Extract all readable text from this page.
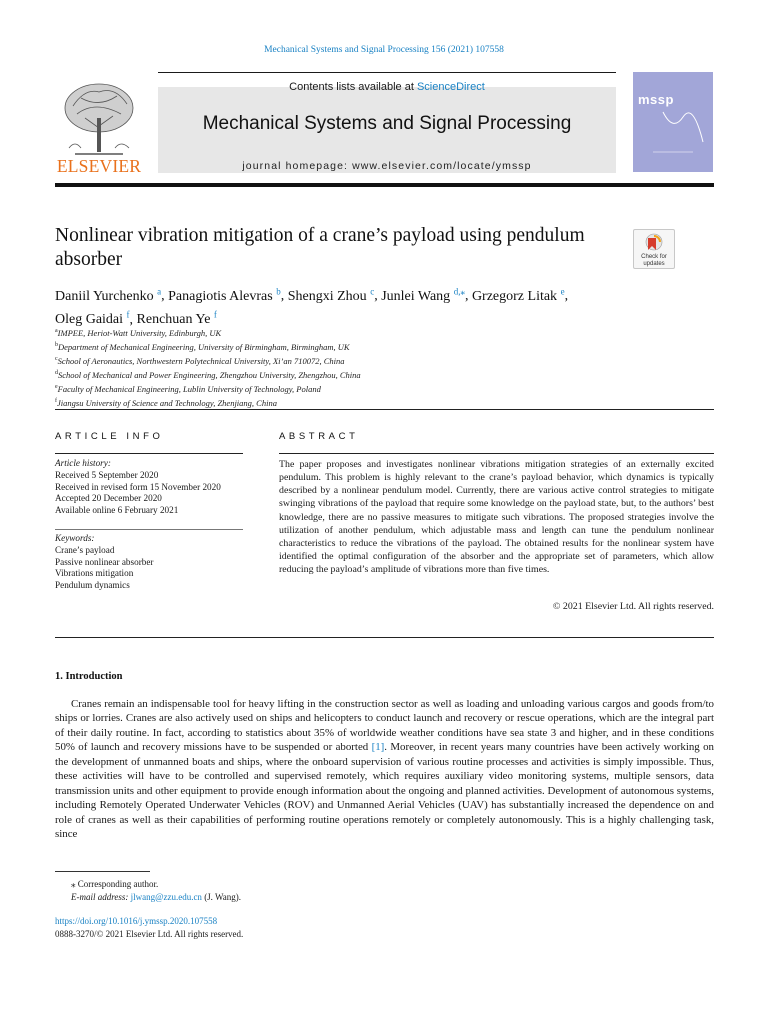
Mechanical Systems and Signal Processing 156 (2021) 107558
ELSEVIER
Contents lists available at ScienceDirect
Mechanical Systems and Signal Processing
journal homepage: www.elsevier.com/locate/ymssp
mssp
Nonlinear vibration mitigation of a crane’s payload using pendulum absorber	Check for
updates
Daniil Yurchenko $^a$, Panagiotis Alevras $^b$, Shengxi Zhou $^c$, Junlei Wang $^{d,⁎}$, Grzegorz Litak $^e$,
Oleg Gaidai $^f$, Renchuan Ye $^f$
$^a$IMPEE, Heriot-Watt University, Edinburgh, UK
$^b$Department of Mechanical Engineering, University of Birmingham, Birmingham, UK
$^c$School of Aeronautics, Northwestern Polytechnical University, Xi’an 710072, China
$^d$School of Mechanical and Power Engineering, Zhengzhou University, Zhengzhou, China
$^e$Faculty of Mechanical Engineering, Lublin University of Technology, Poland
$^f$Jiangsu University of Science and Technology, Zhenjiang, China
ARTICLE INFO	ABSTRACT
Article history:
Received 5 September 2020
Received in revised form 15 November 2020
Accepted 20 December 2020
Available online 6 February 2021
Keywords:
Crane’s payload
Passive nonlinear absorber
Vibrations mitigation
Pendulum dynamics
The paper proposes and investigates nonlinear vibrations mitigation strategies of an externally excited pendulum. This problem is highly relevant to the crane’s payload behavior, which dynamics is typically described by a nonlinear pendulum model. Currently, there are various active control strategies to mitigate swinging vibrations of the payload that require some knowledge on the payload state, but, to the authors’ best knowledge, there are no passive measures to mitigate such vibrations. The proposed strategies involve the utilization of another pendulum, which adjustable mass and length can tune the pendulum nonlinear characteristics to reduce the vibrations of the payload. The obtained results for the nonlinear system have identified the optimal configuration of the absorber and the appropriate set of parameters, which allow reducing the payload’s amplitude of vibrations more than five times.
© 2021 Elsevier Ltd. All rights reserved.
1. Introduction
Cranes remain an indispensable tool for heavy lifting in the construction sector as well as loading and unloading various cargos and goods from/to ships or lorries. Cranes are also actively used on ships and helicopters to conduct launch and recovery or rescue operations, which are the integral part of their daily routine. In fact, according to statistics about 35% of worldwide weather conditions have sea state 3 and higher, and in these conditions 50% of launch and recovery missions have to be suspended or aborted [1]. Moreover, in recent years many countries have been actively working on the development of unmanned boats and ships, where the onboard supervision of various routine processes and activities is simply impossible. Thus, these activities will have to be controlled and supervised remotely, which requires auxiliary video monitoring systems, multiple sensors, data transmission units and other equipment to provide enough information about the ongoing and planned activities. Development of autonomous systems, including Remotely Operated Underwater Vehicles (ROV) and Unmanned Aerial Vehicles (UAV) has substantially increased the dependence on and role of cranes as well as their capabilities of performing routine operations remotely or completely autonomously. This is a highly challenging task, since
⁎ Corresponding author.
E-mail address: jlwang@zzu.edu.cn (J. Wang).
https://doi.org/10.1016/j.ymssp.2020.107558
0888-3270/© 2021 Elsevier Ltd. All rights reserved.
